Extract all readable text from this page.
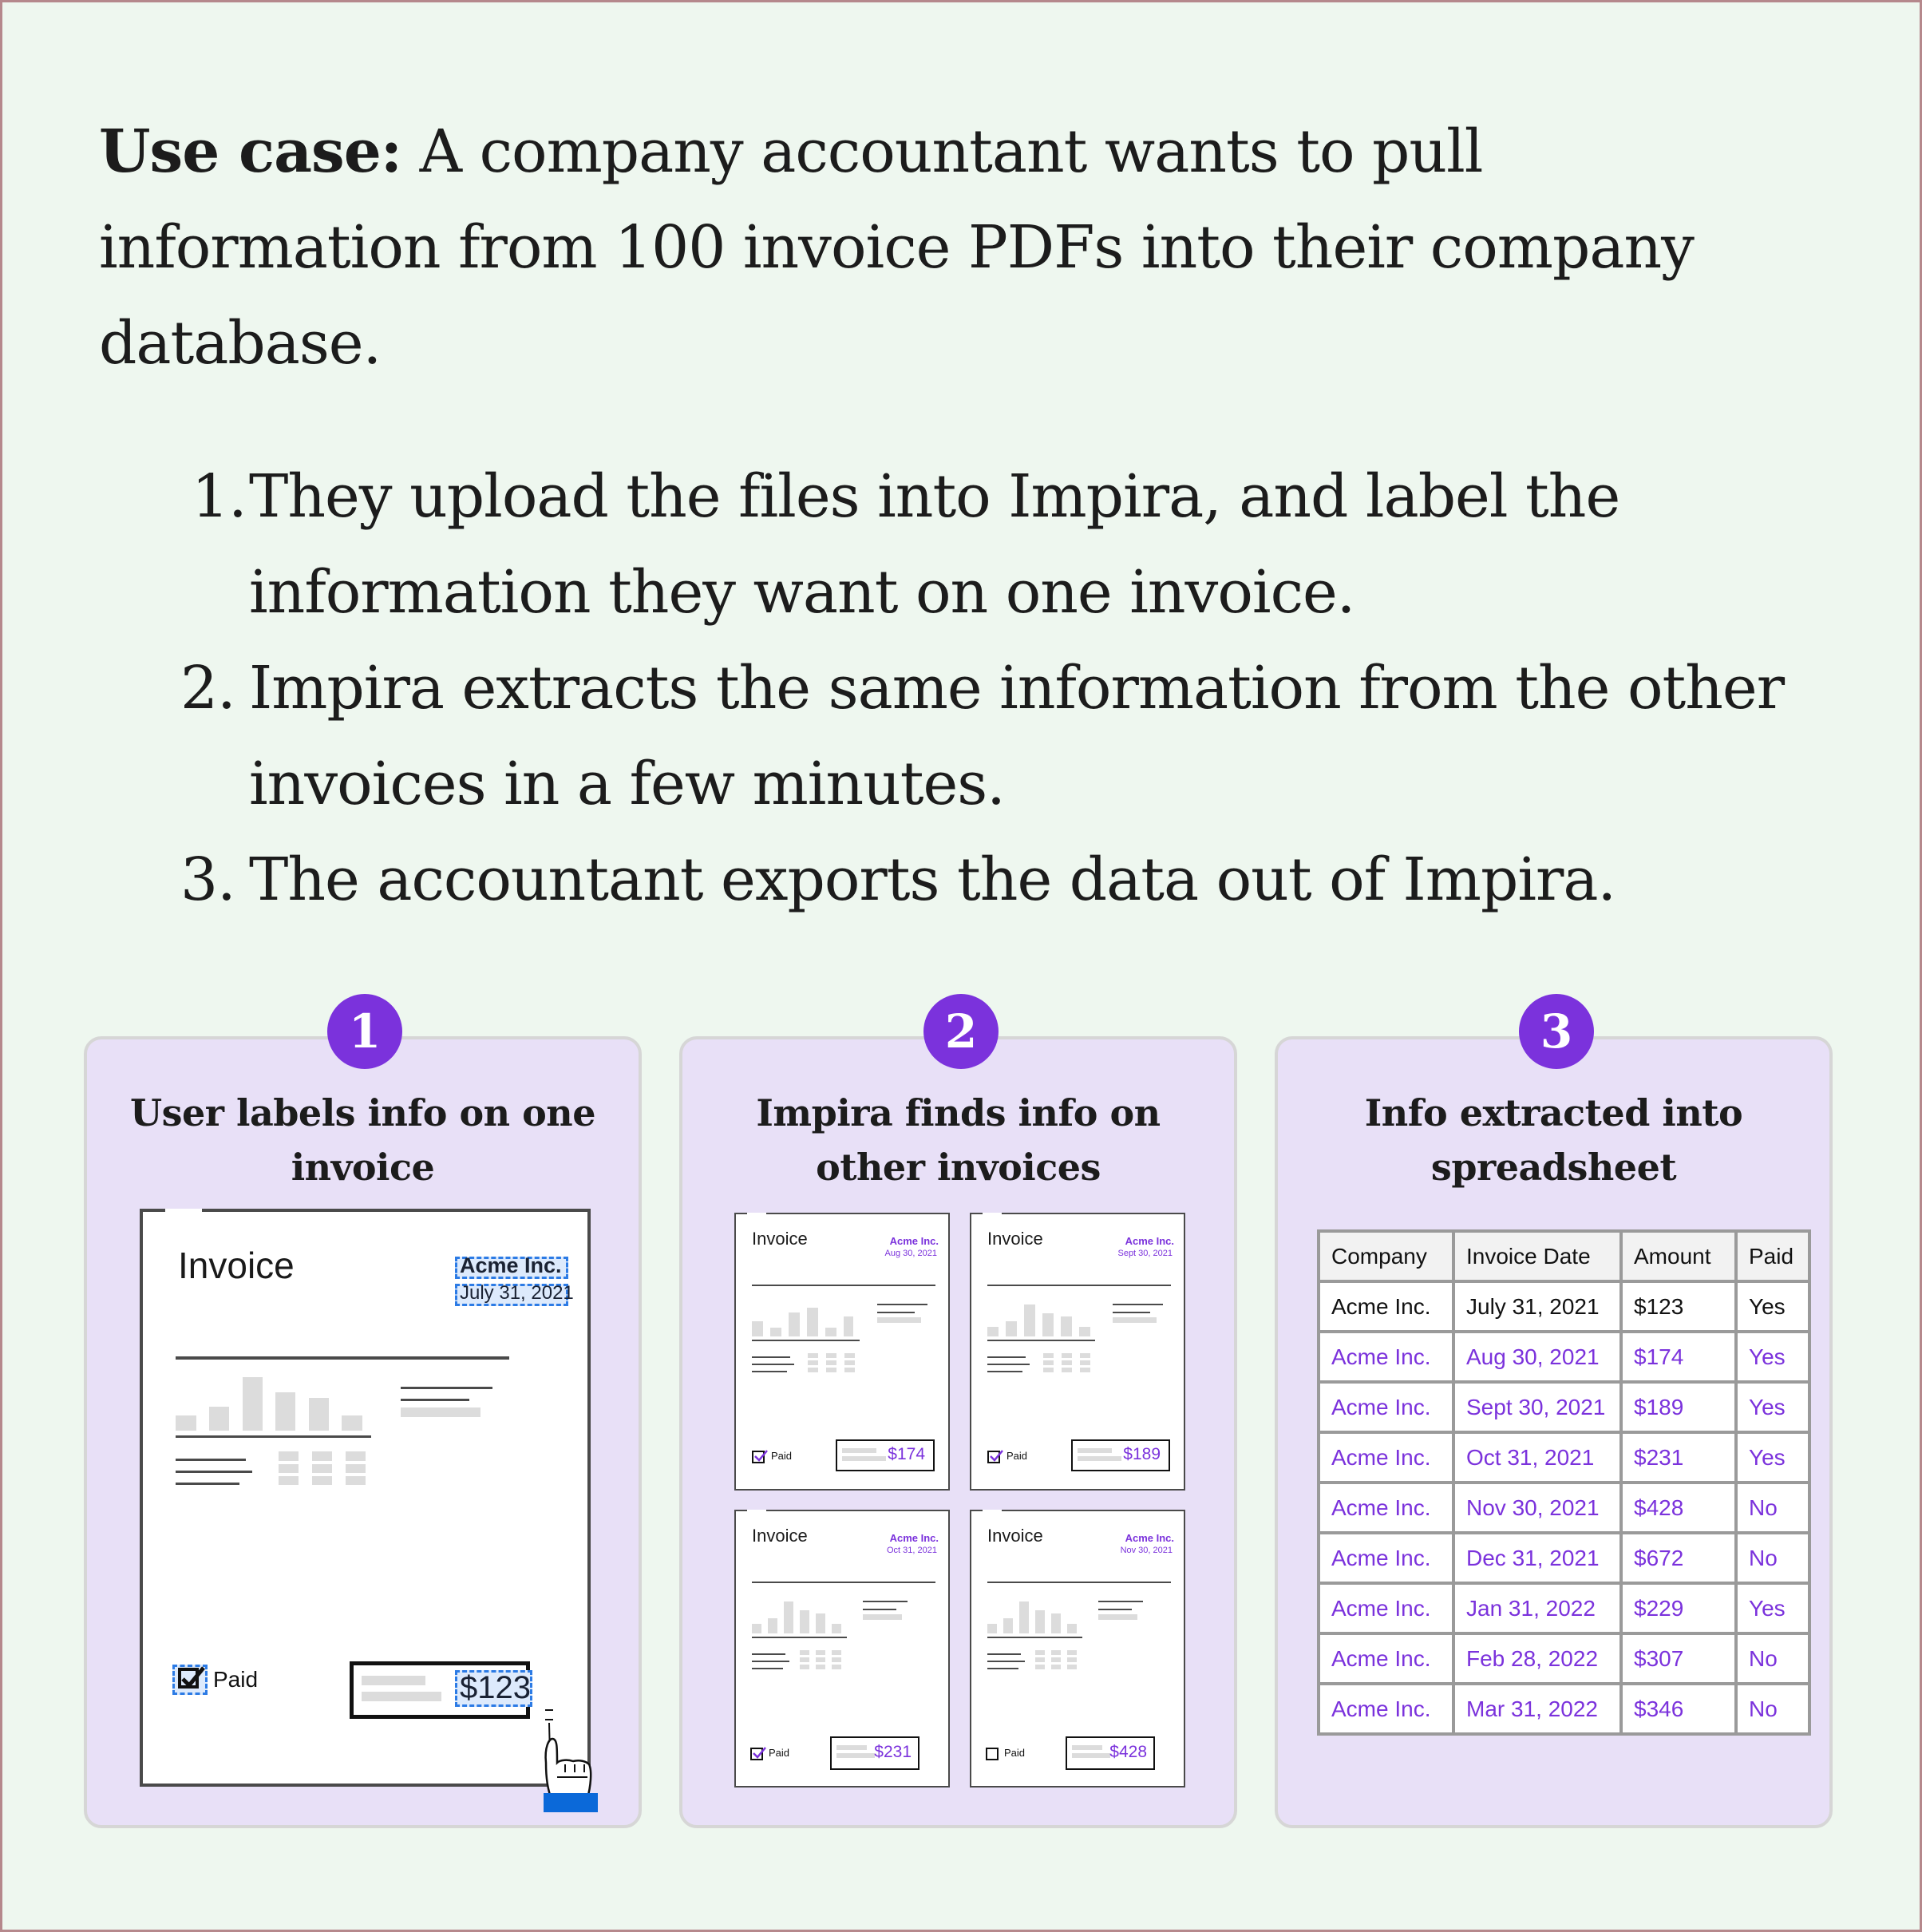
Use case: A company accountant wants to pull
information from 100 invoice PDFs into their company
database.
1. They upload the files into Impira, and label the
information they want on one invoice.
2. Impira extracts the same information from the other
invoices in a few minutes.
3. The accountant exports the data out of Impira.
User labels info on one
invoice
1
Invoice	Acme Inc.
July 31, 2021
Paid	$123
Impira finds info on
other invoices
2
Invoice	Acme Inc.
Aug 30, 2021
Paid	$174
Invoice	Acme Inc.
Sept 30, 2021
Paid	$189
Invoice	Acme Inc.
Oct 31, 2021
Paid	$231
Invoice	Acme Inc.
Nov 30, 2021
Paid	$428
Info extracted into
spreadsheet
3
Company	Invoice Date	Amount	Paid
Acme Inc.	July 31, 2021	$123	Yes
Acme Inc.	Aug 30, 2021	$174	Yes
Acme Inc.	Sept 30, 2021	$189	Yes
Acme Inc.	Oct 31, 2021	$231	Yes
Acme Inc.	Nov 30, 2021	$428	No
Acme Inc.	Dec 31, 2021	$672	No
Acme Inc.	Jan 31, 2022	$229	Yes
Acme Inc.	Feb 28, 2022	$307	No
Acme Inc.	Mar 31, 2022	$346	No
